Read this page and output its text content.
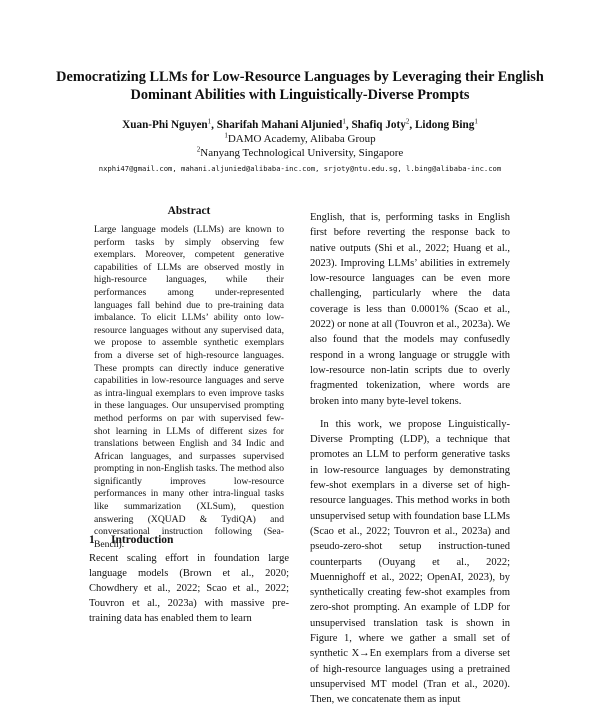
Democratizing LLMs for Low-Resource Languages by Leveraging their English Dominant Abilities with Linguistically-Diverse Prompts
Xuan-Phi Nguyen$^1$, Sharifah Mahani Aljunied$^1$, Shafiq Joty$^2$, Lidong Bing$^1$
$^1$DAMO Academy, Alibaba Group
$^2$Nanyang Technological University, Singapore
nxphi47@gmail.com, mahani.aljunied@alibaba-inc.com, srjoty@ntu.edu.sg, l.bing@alibaba-inc.com
Abstract

Large language models (LLMs) are known to perform tasks by simply observing few exemplars. Moreover, competent generative capabilities of LLMs are observed mostly in high-resource languages, while their performances among under-represented languages fall behind due to pre-training data imbalance. To elicit LLMs’ ability onto low-resource languages without any supervised data, we propose to assemble synthetic exemplars from a diverse set of high-resource languages. These prompts can directly induce generative capabilities in low-resource languages and serve as intra-lingual exemplars to even improve tasks in these languages. Our unsupervised prompting method performs on par with supervised few-shot learning in LLMs of different sizes for translations between English and 34 Indic and African languages, and surpasses supervised prompting in non-English tasks. The method also significantly improves low-resource performances in many other intra-lingual tasks like summarization (XLSum), question answering (XQUAD & TydiQA) and conversational instruction following (Sea-Bench).

1 Introduction

Recent scaling effort in foundation large language models (Brown et al., 2020; Chowdhery et al., 2022; Scao et al., 2022; Touvron et al., 2023a) with massive pre-training data has enabled them to learn

English, that is, performing tasks in English first before reverting the response back to native outputs (Shi et al., 2022; Huang et al., 2023). Improving LLMs’ abilities in extremely low-resource languages can be even more challenging, particularly where the data coverage is less than 0.0001% (Scao et al., 2022) or none at all (Touvron et al., 2023a). We also found that the models may confusedly respond in a wrong language or struggle with low-resource non-latin scripts due to overly fragmented tokenization, where words are broken into many byte-level tokens.

In this work, we propose Linguistically-Diverse Prompting (LDP), a technique that promotes an LLM to perform generative tasks in low-resource languages by demonstrating few-shot exemplars in a diverse set of high-resource languages. This method works in both unsupervised setup with foundation base LLMs (Scao et al., 2022; Touvron et al., 2023a) and pseudo-zero-shot setup instruction-tuned counterparts (Ouyang et al., 2022; Muennighoff et al., 2022; OpenAI, 2023), by synthetically creating few-shot examples from zero-shot prompting. An example of LDP for unsupervised translation task is shown in Figure 1, where we gather a small set of synthetic X→En exemplars from a diverse set of high-resource languages using a pretrained unsupervised MT model (Tran et al., 2020). Then, we concatenate them as input
